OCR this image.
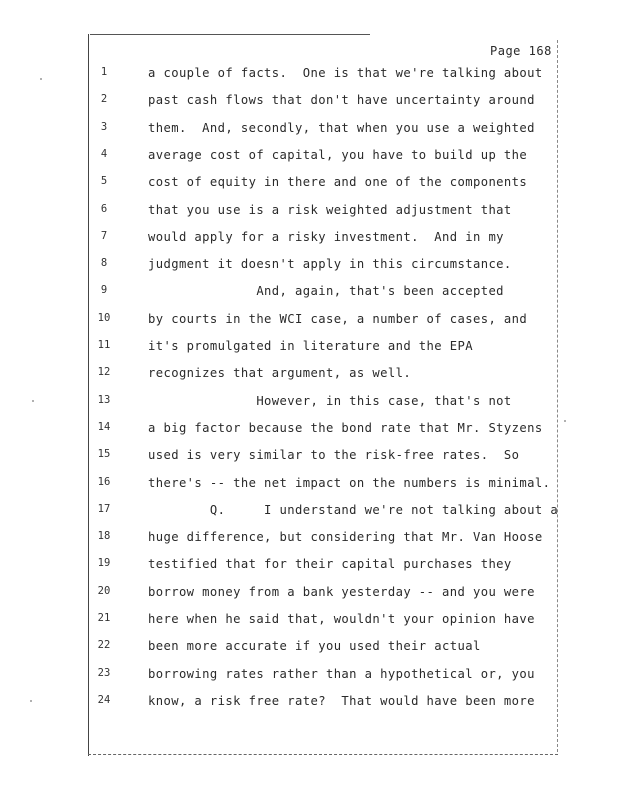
Page 168
1	a couple of facts.  One is that we're talking about
2	past cash flows that don't have uncertainty around
3	them.  And, secondly, that when you use a weighted
4	average cost of capital, you have to build up the
5	cost of equity in there and one of the components
6	that you use is a risk weighted adjustment that
7	would apply for a risky investment.  And in my
8	judgment it doesn't apply in this circumstance.
9	And, again, that's been accepted
10	by courts in the WCI case, a number of cases, and
11	it's promulgated in literature and the EPA
12	recognizes that argument, as well.
13	However, in this case, that's not
14	a big factor because the bond rate that Mr. Styzens
15	used is very similar to the risk-free rates.  So
16	there's -- the net impact on the numbers is minimal.
17	Q.     I understand we're not talking about a
18	huge difference, but considering that Mr. Van Hoose
19	testified that for their capital purchases they
20	borrow money from a bank yesterday -- and you were
21	here when he said that, wouldn't your opinion have
22	been more accurate if you used their actual
23	borrowing rates rather than a hypothetical or, you
24	know, a risk free rate?  That would have been more
